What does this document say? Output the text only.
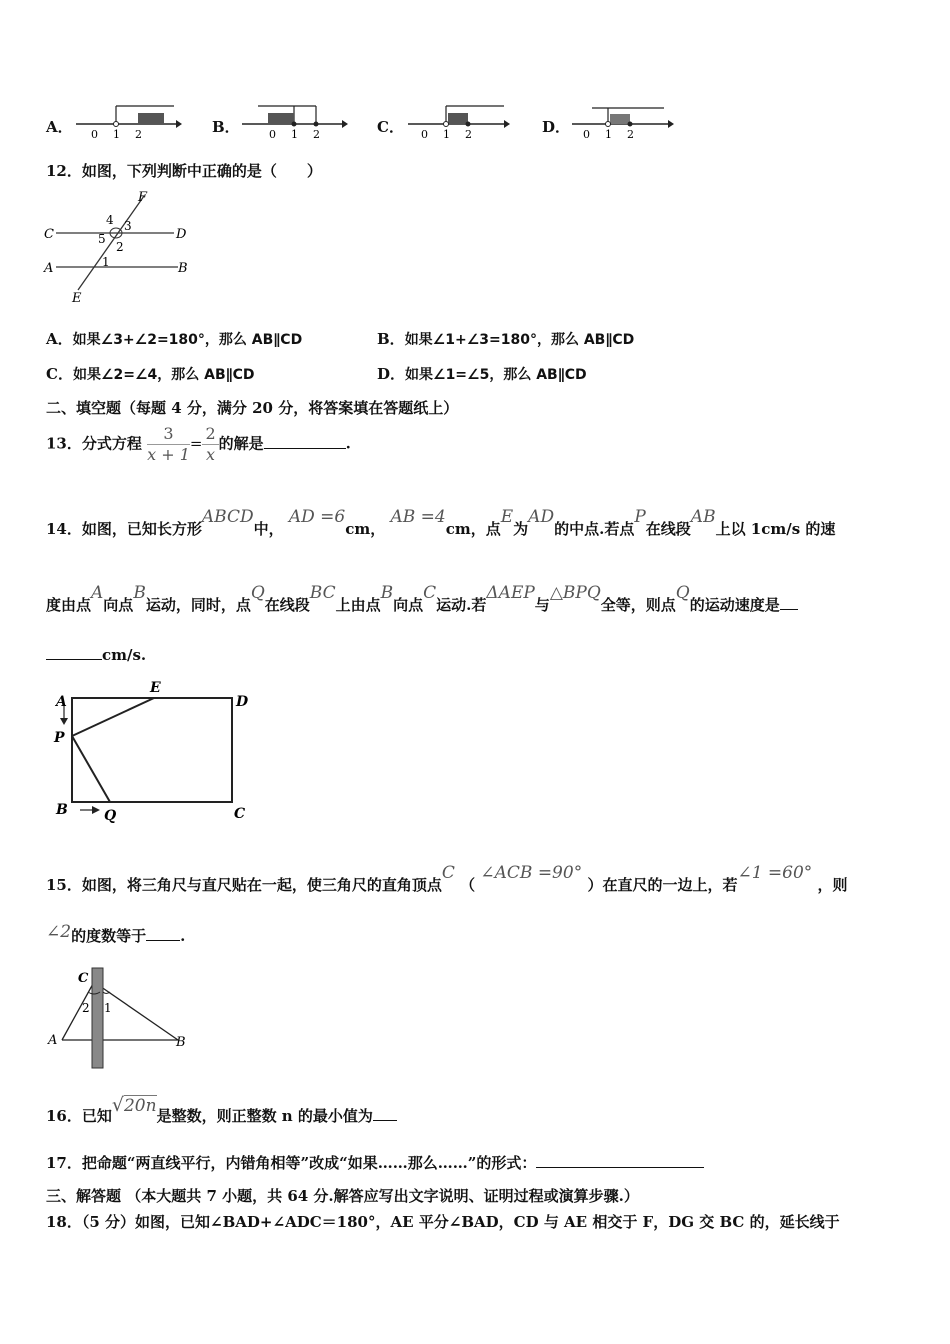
A． 0 1 2	B．	0 1 2	C． 0 1 2	D． 0 1 2
12．如图，下列判断中正确的是（　　）
F
C	D
A	B
E
4 3
5
2
1
A．如果∠3+∠2=180°，那么 AB∥CD	B．如果∠1+∠3=180°，那么 AB∥CD
C．如果∠2=∠4，那么 AB∥CD	D．如果∠1=∠5，那么 AB∥CD
二、填空题（每题 4 分，满分 20 分，将答案填在答题纸上）
13．分式方程 $\frac{3}{x + 1} = \frac{2}{x}$ 的解是	.
14．如图，已知长方形ABCD中， AD =6cm， AB =4cm，点E为AD的中点.若点P在线段AB上以 1cm/s 的速
度由点A向点B运动，同时，点Q在线段BC上由点B向点C运动.若ΔAEP与△BPQ全等，则点Q的运动速度是
cm/s.
A
E
D
P
B	Q	C
15．如图，将三角尺与直尺贴在一起，使三角尺的直角顶点C （ ∠ACB =90° ）在直尺的一边上，若∠1 =60° ，则
∠2的度数等于 .
C
2 1
A	B
16．已知√20n是整数，则正整数 n 的最小值为
17．把命题“两直线平行，内错角相等”改成“如果……那么……”的形式：
三、解答题 （本大题共 7 小题，共 64 分.解答应写出文字说明、证明过程或演算步骤.）
18．（5 分）如图，已知∠BAD+∠ADC＝180°，AE 平分∠BAD，CD 与 AE 相交于 F，DG 交 BC 的，延长线于
